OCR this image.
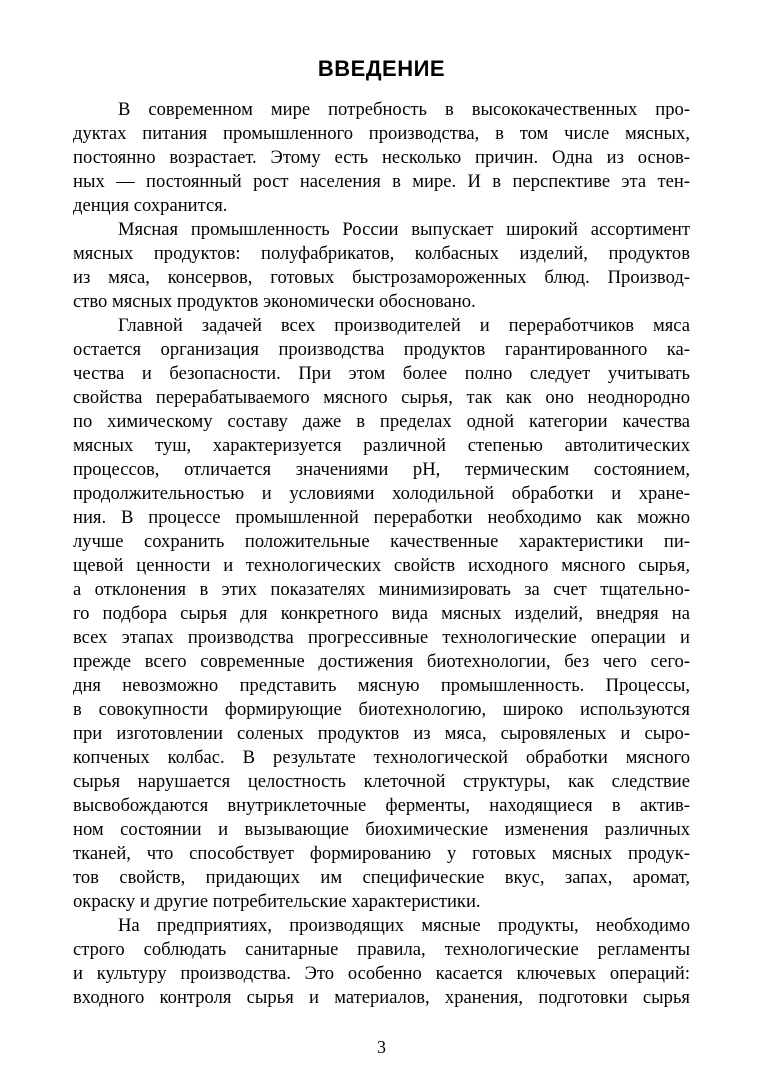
ВВЕДЕНИЕ
В современном мире потребность в высококачественных про-
дуктах питания промышленного производства, в том числе мясных,
постоянно возрастает. Этому есть несколько причин. Одна из основ-
ных — постоянный рост населения в мире. И в перспективе эта тен-
денция сохранится.
Мясная промышленность России выпускает широкий ассортимент
мясных продуктов: полуфабрикатов, колбасных изделий, продуктов
из мяса, консервов, готовых быстрозамороженных блюд. Производ-
ство мясных продуктов экономически обосновано.
Главной задачей всех производителей и переработчиков мяса
остается организация производства продуктов гарантированного ка-
чества и безопасности. При этом более полно следует учитывать
свойства перерабатываемого мясного сырья, так как оно неоднородно
по химическому составу даже в пределах одной категории качества
мясных туш, характеризуется различной степенью автолитических
процессов, отличается значениями pH, термическим состоянием,
продолжительностью и условиями холодильной обработки и хране-
ния. В процессе промышленной переработки необходимо как можно
лучше сохранить положительные качественные характеристики пи-
щевой ценности и технологических свойств исходного мясного сырья,
а отклонения в этих показателях минимизировать за счет тщательно-
го подбора сырья для конкретного вида мясных изделий, внедряя на
всех этапах производства прогрессивные технологические операции и
прежде всего современные достижения биотехнологии, без чего сего-
дня невозможно представить мясную промышленность. Процессы,
в совокупности формирующие биотехнологию, широко используются
при изготовлении соленых продуктов из мяса, сыровяленых и сыро-
копченых колбас. В результате технологической обработки мясного
сырья нарушается целостность клеточной структуры, как следствие
высвобождаются внутриклеточные ферменты, находящиеся в актив-
ном состоянии и вызывающие биохимические изменения различных
тканей, что способствует формированию у готовых мясных продук-
тов свойств, придающих им специфические вкус, запах, аромат,
окраску и другие потребительские характеристики.
На предприятиях, производящих мясные продукты, необходимо
строго соблюдать санитарные правила, технологические регламенты
и культуру производства. Это особенно касается ключевых операций:
входного контроля сырья и материалов, хранения, подготовки сырья
3
